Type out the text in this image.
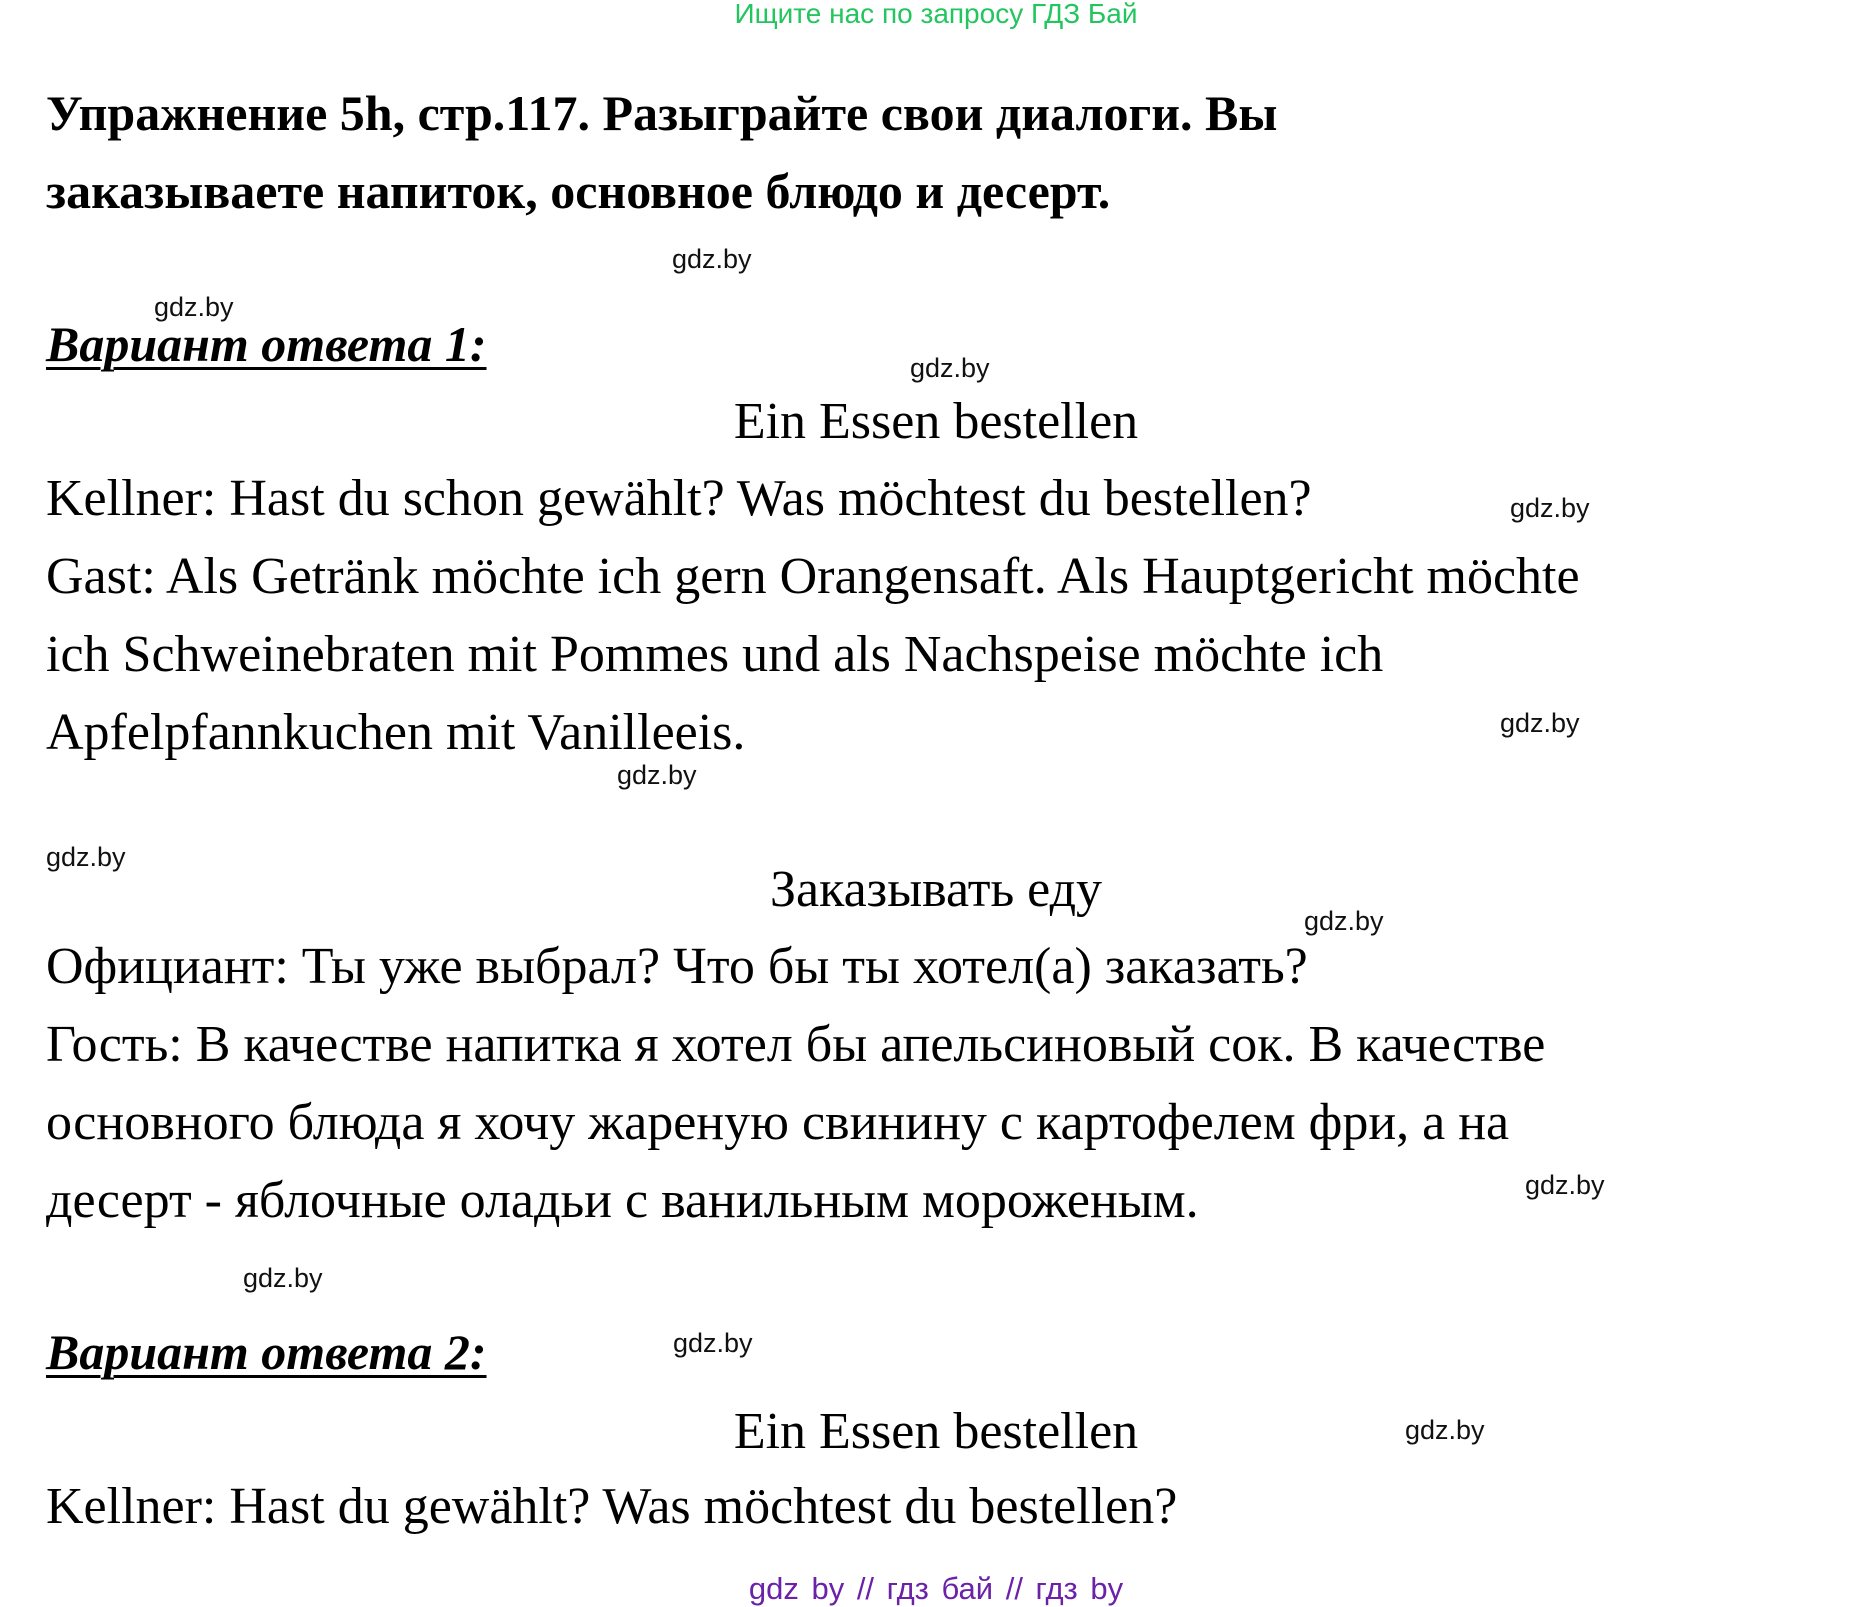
Ищите нас по запросу ГДЗ Бай
Упражнение 5h, стр.117. Разыграйте свои диалоги. Вы
заказываете напиток, основное блюдо и десерт.
Вариант ответа 1:
Ein Essen bestellen
Kellner: Hast du schon gewählt? Was möchtest du bestellen?
Gast: Als Getränk möchte ich gern Orangensaft. Als Hauptgericht möchte
ich Schweinebraten mit Pommes und als Nachspeise möchte ich
Apfelpfannkuchen mit Vanilleeis.
Заказывать еду
Официант: Ты уже выбрал? Что бы ты хотел(а) заказать?
Гость: В качестве напитка я хотел бы апельсиновый сок. В качестве
основного блюда я хочу жареную свинину с картофелем фри, а на
десерт - яблочные оладьи с ванильным мороженым.
Вариант ответа 2:
Ein Essen bestellen
Kellner: Hast du gewählt? Was möchtest du bestellen?
gdz.by
gdz.by
gdz.by
gdz.by
gdz.by
gdz.by
gdz.by
gdz.by
gdz.by
gdz.by
gdz.by
gdz.by
gdz by // гдз бай // гдз by
